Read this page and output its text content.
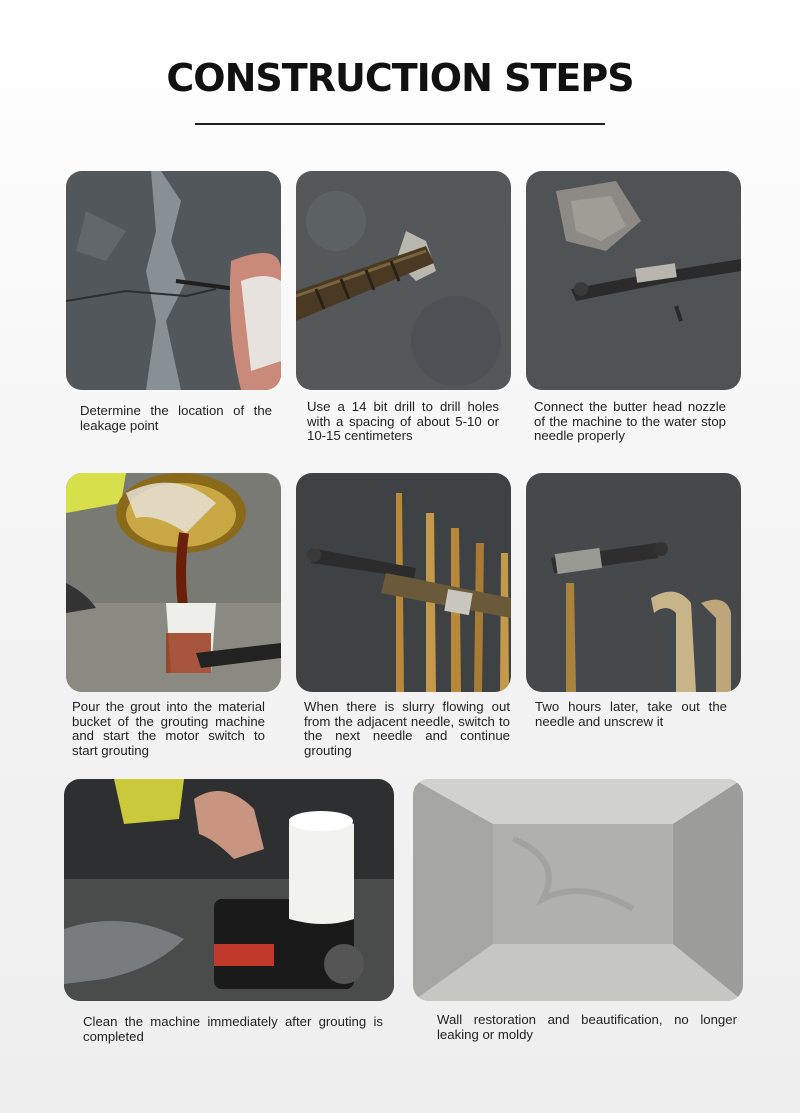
CONSTRUCTION STEPS
Determine the location of the leakage point
Use a 14 bit drill to drill holes with a spacing of about 5-10 or 10-15 centimeters
Connect the butter head nozzle of the machine to the water stop needle properly
Pour the grout into the material bucket of the grouting machine and start the motor switch to start grouting
When there is slurry flowing out from the adjacent needle, switch to the next needle and continue grouting
Two hours later, take out the needle and unscrew it
Clean the machine immediately after grouting is completed
Wall restoration and beautification, no longer leaking or moldy
